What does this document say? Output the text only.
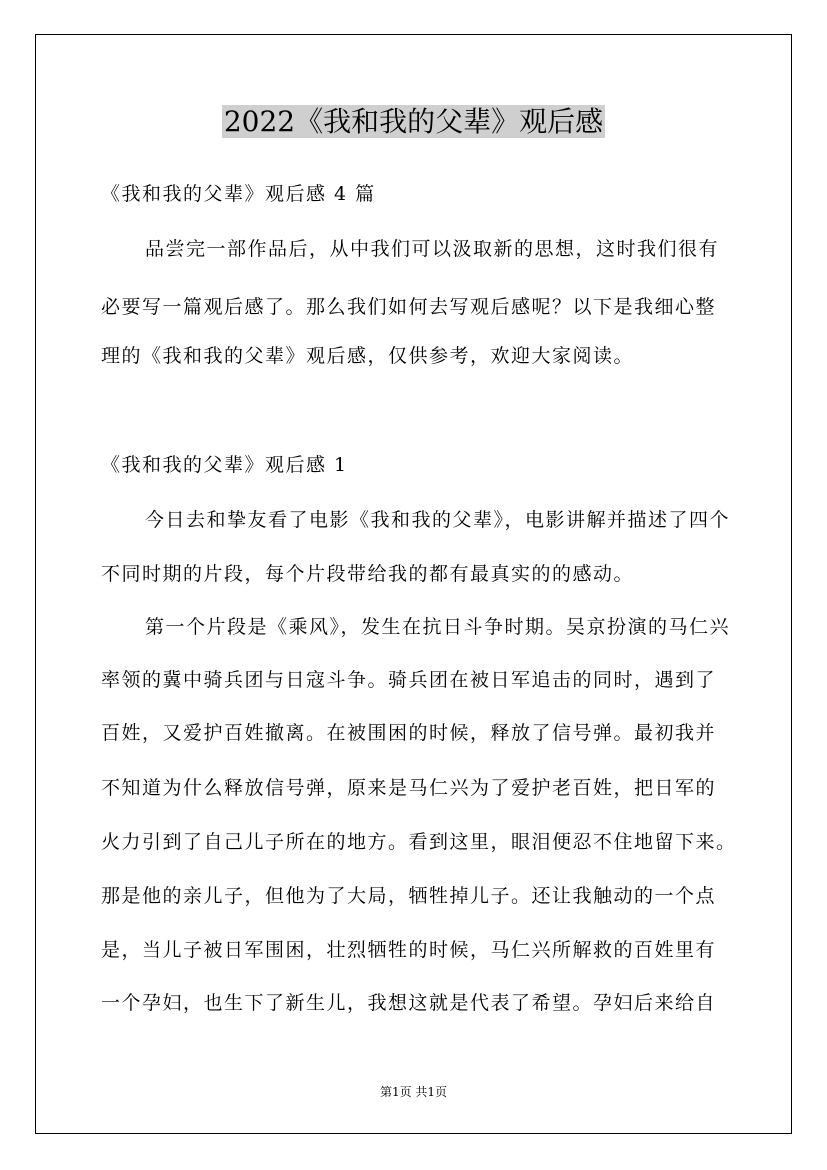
2022《我和我的父辈》观后感
《我和我的父辈》观后感 4 篇
品尝完一部作品后，从中我们可以汲取新的思想，这时我们很有
必要写一篇观后感了。那么我们如何去写观后感呢？以下是我细心整
理的《我和我的父辈》观后感，仅供参考，欢迎大家阅读。
《我和我的父辈》观后感 1
今日去和挚友看了电影《我和我的父辈》，电影讲解并描述了四个
不同时期的片段，每个片段带给我的都有最真实的的感动。
第一个片段是《乘风》，发生在抗日斗争时期。吴京扮演的马仁兴
率领的冀中骑兵团与日寇斗争。骑兵团在被日军追击的同时，遇到了
百姓，又爱护百姓撤离。在被围困的时候，释放了信号弹。最初我并
不知道为什么释放信号弹，原来是马仁兴为了爱护老百姓，把日军的
火力引到了自己儿子所在的地方。看到这里，眼泪便忍不住地留下来。
那是他的亲儿子，但他为了大局，牺牲掉儿子。还让我触动的一个点
是，当儿子被日军围困，壮烈牺牲的时候，马仁兴所解救的百姓里有
一个孕妇，也生下了新生儿，我想这就是代表了希望。孕妇后来给自
第1页 共1页
